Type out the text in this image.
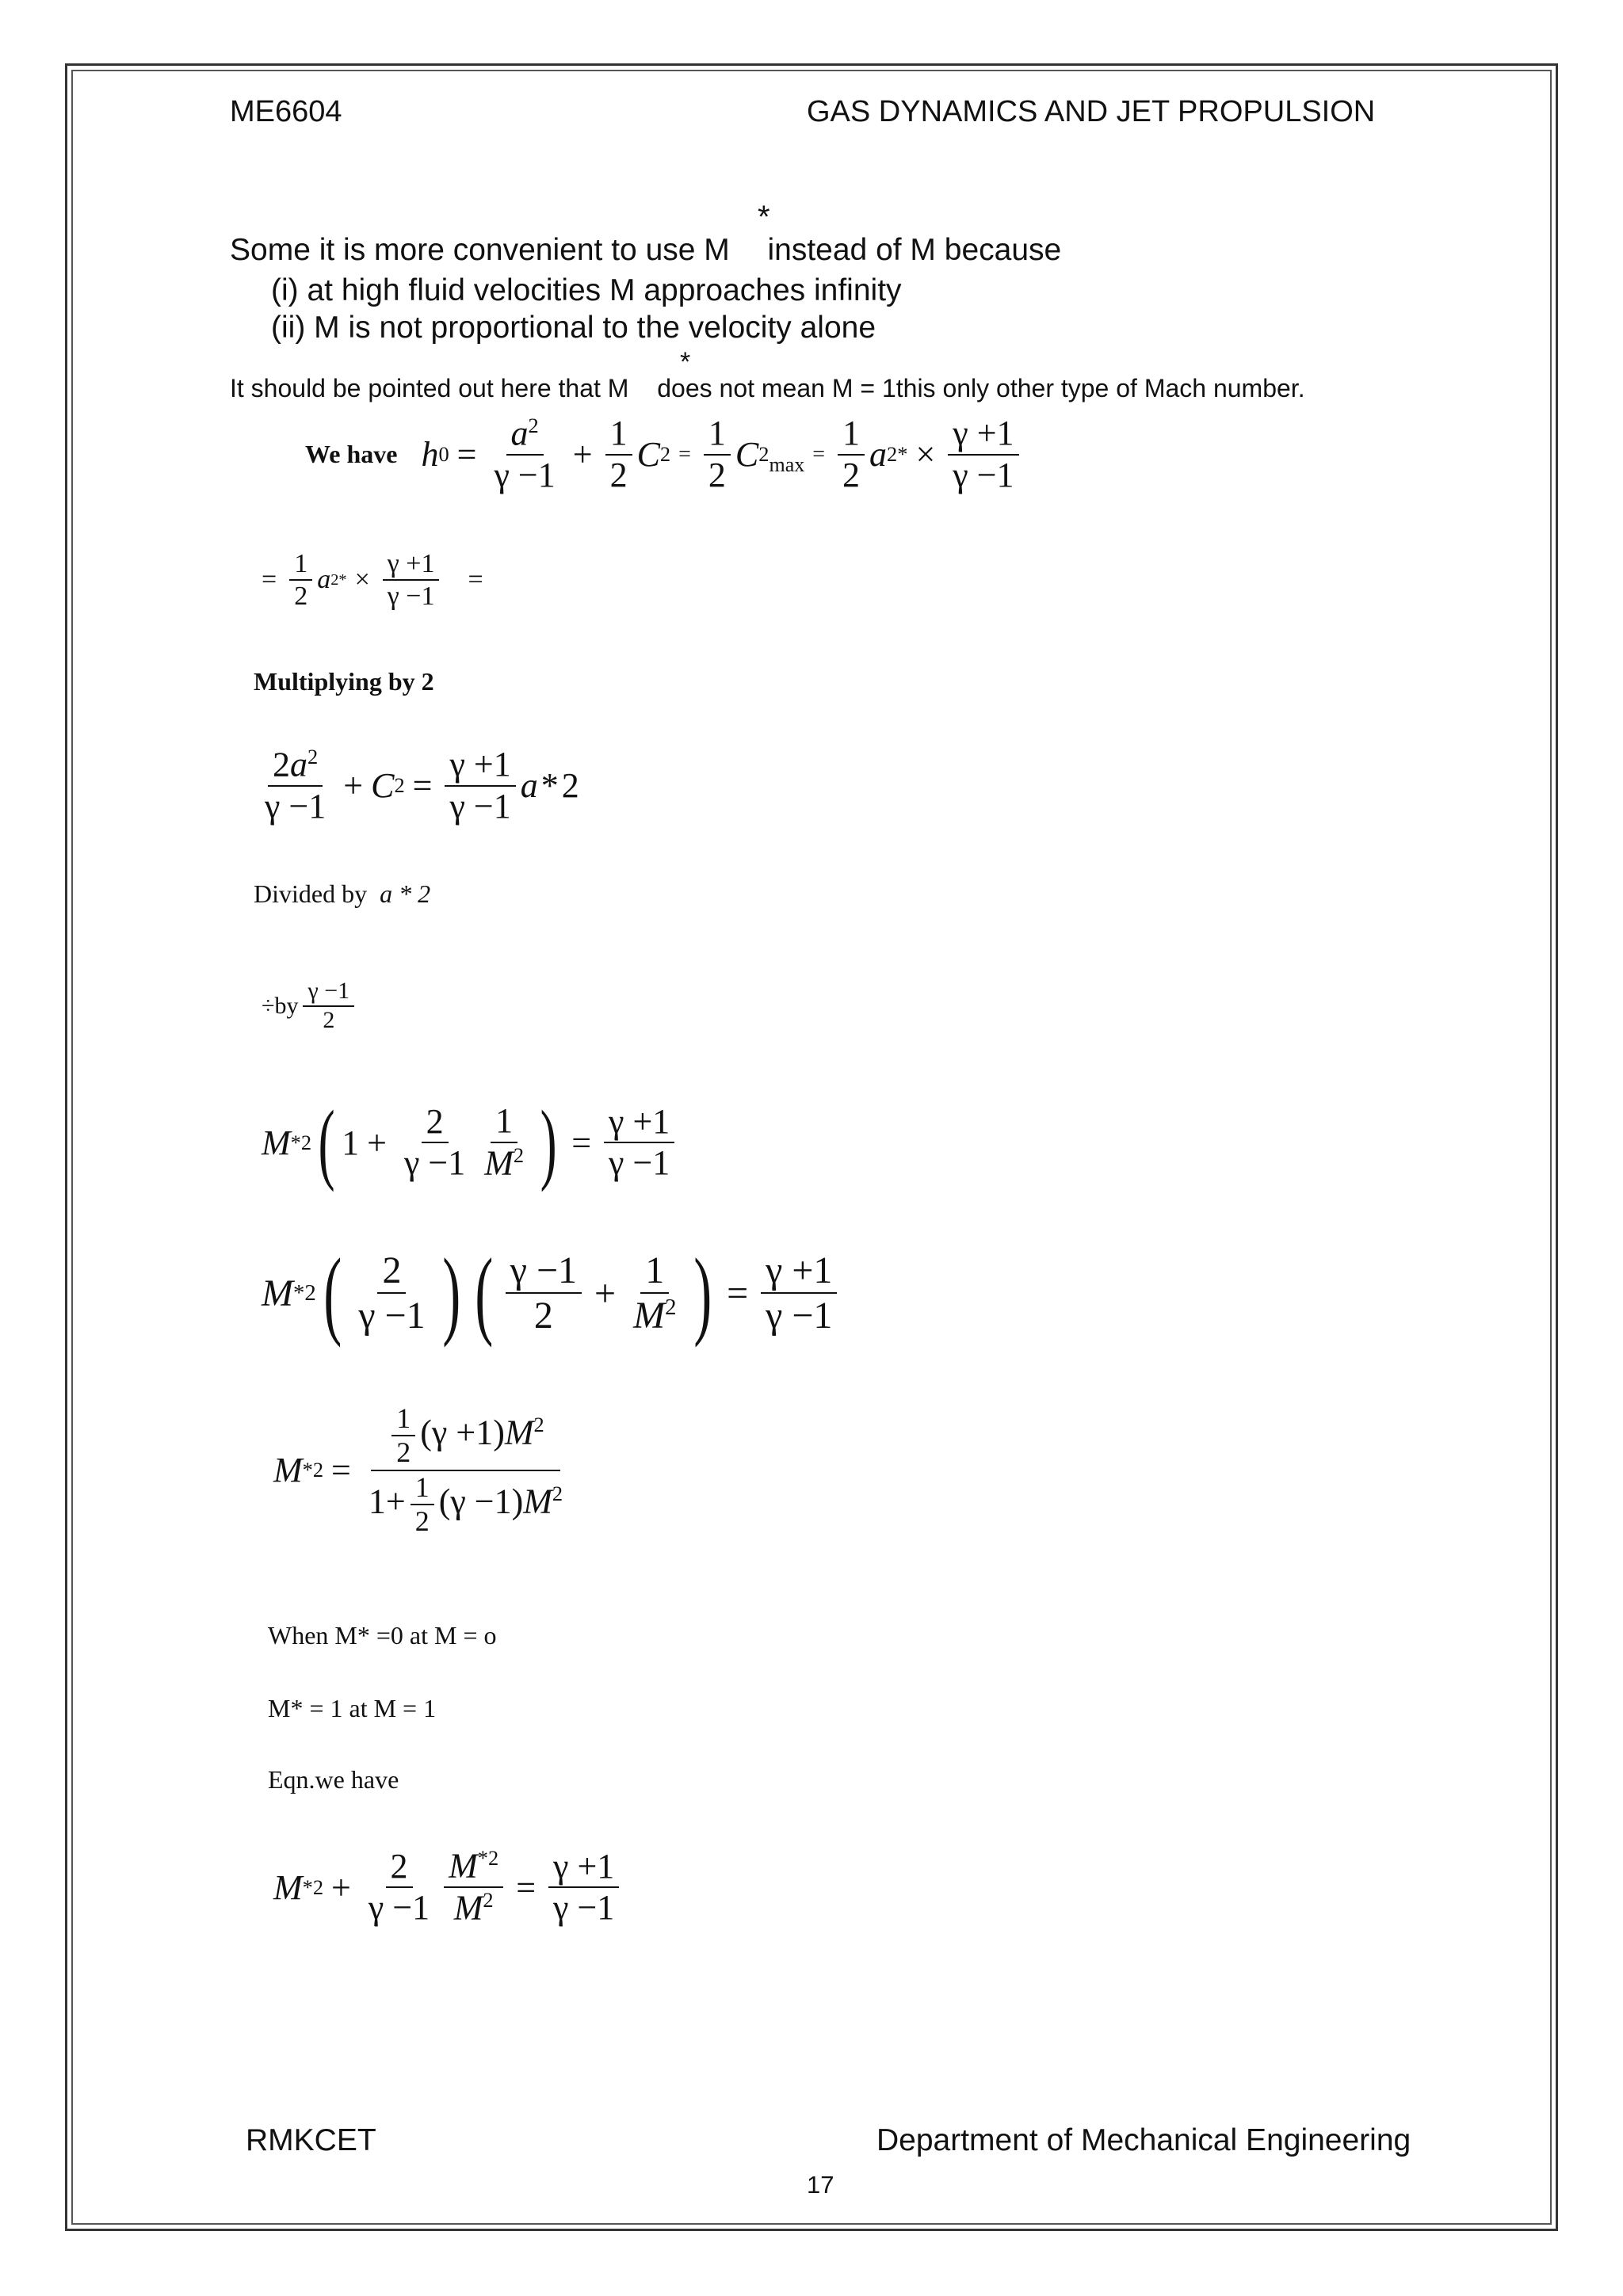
ME6604	GAS DYNAMICS AND JET PROPULSION
*
Some it is more convenient to use M instead of M because
(i) at high fluid velocities M approaches infinity
(ii) M is not proportional to the velocity alone
*
It should be pointed out here that M does not mean M = 1this only other type of Mach number.
We have h $0 = \frac{a^2}{\gamma -1} + \frac{1}{2}$ C $2 = \frac{1}{2}$ C 2 $\max = \frac{1}{2}$ a $2* \times \frac{\gamma +1}{\gamma -1}$
= $\frac{1}{2}$ a $2* \times \frac{\gamma +1}{\gamma -1}$ =
Multiplying by 2
$\frac{2a^2}{\gamma -1} + C$ $2 = \frac{\gamma +1}{\gamma -1}$ a * 2
Divided by a * 2
$\div by \frac{\gamma -1}{2}$
M *2 ( $1 + \frac{2}{\gamma -1} \frac{1}{M^2}$ ) = $\frac{\gamma +1}{\gamma -1}$
M *2 ( $\frac{2}{\gamma -1}$ ) ( $\frac{\gamma -1}{2} + \frac{1}{M^2}$ ) = $\frac{\gamma +1}{\gamma -1}$
M $*2 = \frac{\frac{1}{2} (\gamma +1)M^2}{1+ \frac{1}{2} (\gamma -1)M^2}$
When M* =0 at M = o
M* = 1 at M = 1
Eqn.we have
M $*2 + \frac{2}{\gamma -1} \frac{M^{*2}}{M^2} = \frac{\gamma +1}{\gamma -1}$
RMKCET	Department of Mechanical Engineering
17
